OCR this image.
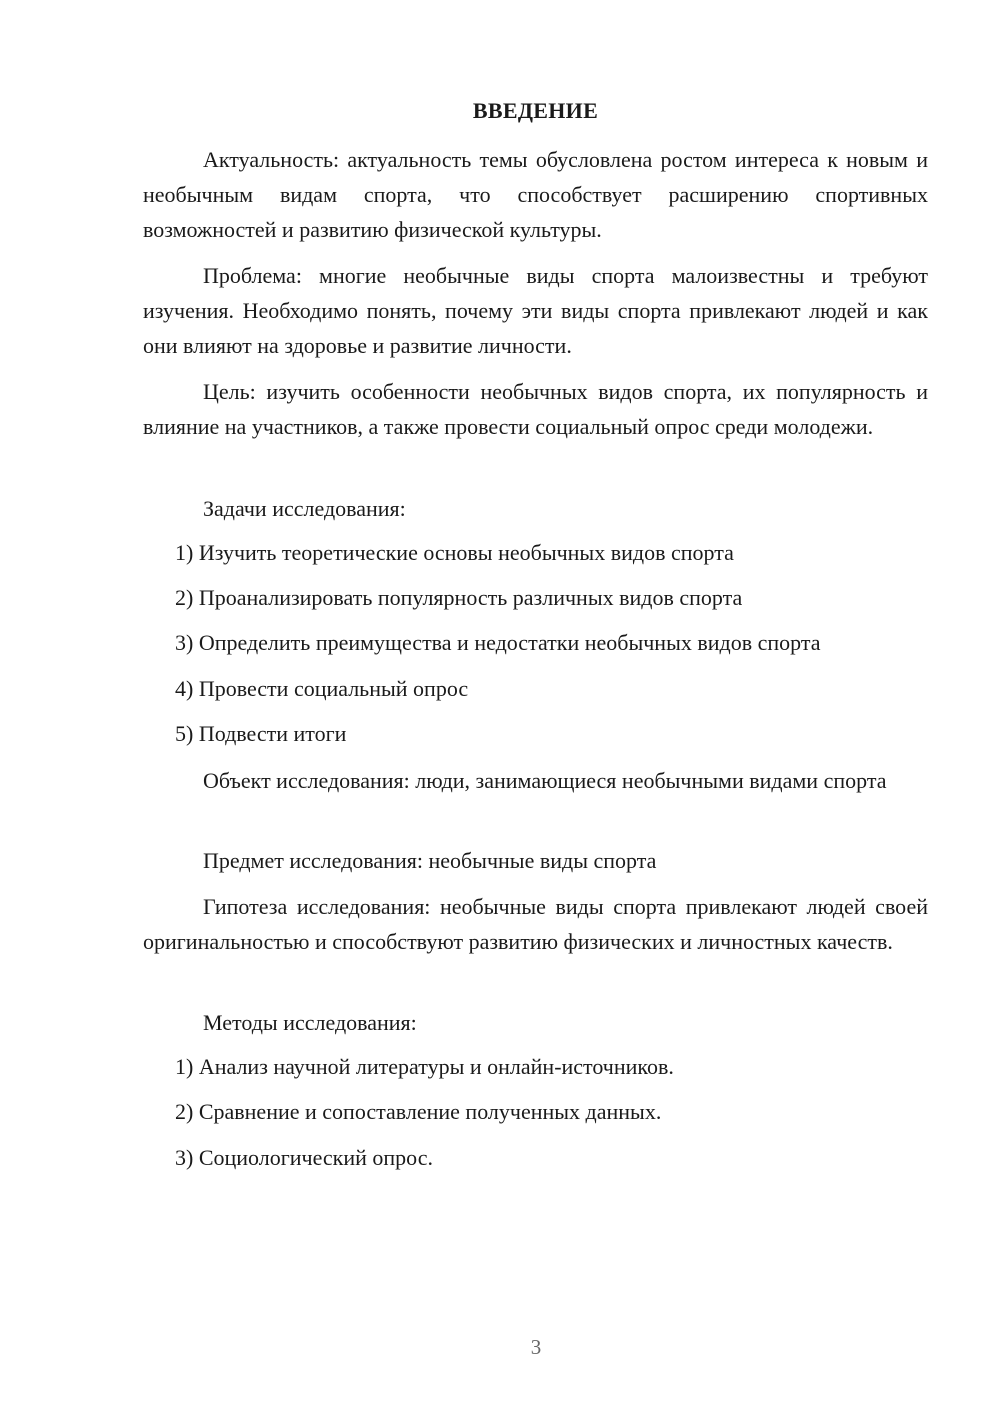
ВВЕДЕНИЕ

Актуальность: актуальность темы обусловлена ростом интереса к новым и необычным видам спорта, что способствует расширению спортивных возможностей и развитию физической культуры.

Проблема: многие необычные виды спорта малоизвестны и требуют изучения. Необходимо понять, почему эти виды спорта привлекают людей и как они влияют на здоровье и развитие личности.

Цель: изучить особенности необычных видов спорта, их популярность и влияние на участников, а также провести социальный опрос среди молодежи.

Задачи исследования:

1) Изучить теоретические основы необычных видов спорта

2) Проанализировать популярность различных видов спорта

3) Определить преимущества и недостатки необычных видов спорта

4) Провести социальный опрос

5) Подвести итоги

Объект исследования: люди, занимающиеся необычными видами спорта

Предмет исследования: необычные виды спорта

Гипотеза исследования: необычные виды спорта привлекают людей своей оригинальностью и способствуют развитию физических и личностных качеств.

Методы исследования:

1) Анализ научной литературы и онлайн-источников.

2) Сравнение и сопоставление полученных данных.

3) Социологический опрос.

3
